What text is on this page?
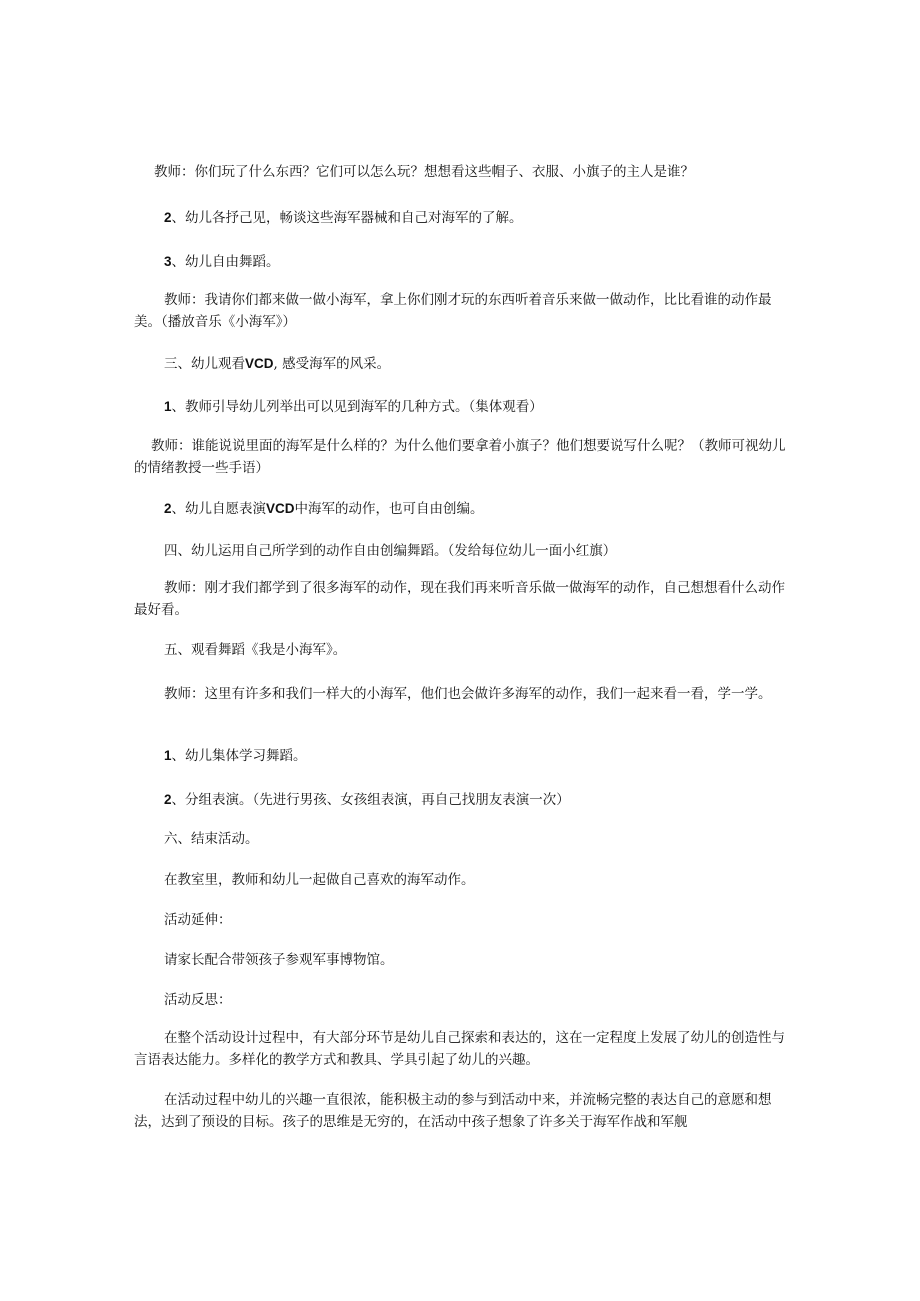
教师：你们玩了什么东西？它们可以怎么玩？想想看这些帽子、衣服、小旗子的主人是谁？

2、幼儿各抒己见，畅谈这些海军器械和自己对海军的了解。

3、幼儿自由舞蹈。

教师：我请你们都来做一做小海军，拿上你们刚才玩的东西听着音乐来做一做动作，比比看谁的动作最美。（播放音乐《小海军》）

三、幼儿观看VCD, 感受海军的风采。

1、教师引导幼儿列举出可以见到海军的几种方式。（集体观看）

教师：谁能说说里面的海军是什么样的？为什么他们要拿着小旗子？他们想要说写什么呢？（教师可视幼儿的情绪教授一些手语）

2、幼儿自愿表演VCD中海军的动作，也可自由创编。

四、幼儿运用自己所学到的动作自由创编舞蹈。（发给每位幼儿一面小红旗）

教师：刚才我们都学到了很多海军的动作，现在我们再来听音乐做一做海军的动作，自己想想看什么动作最好看。

五、观看舞蹈《我是小海军》。

教师：这里有许多和我们一样大的小海军，他们也会做许多海军的动作，我们一起来看一看，学一学。

1、幼儿集体学习舞蹈。

2、分组表演。（先进行男孩、女孩组表演，再自己找朋友表演一次）

六、结束活动。

在教室里，教师和幼儿一起做自己喜欢的海军动作。

活动延伸：

请家长配合带领孩子参观军事博物馆。

活动反思：

在整个活动设计过程中，有大部分环节是幼儿自己探索和表达的，这在一定程度上发展了幼儿的创造性与言语表达能力。多样化的教学方式和教具、学具引起了幼儿的兴趣。

在活动过程中幼儿的兴趣一直很浓，能积极主动的参与到活动中来，并流畅完整的表达自己的意愿和想法，达到了预设的目标。孩子的思维是无穷的，在活动中孩子想象了许多关于海军作战和军舰
